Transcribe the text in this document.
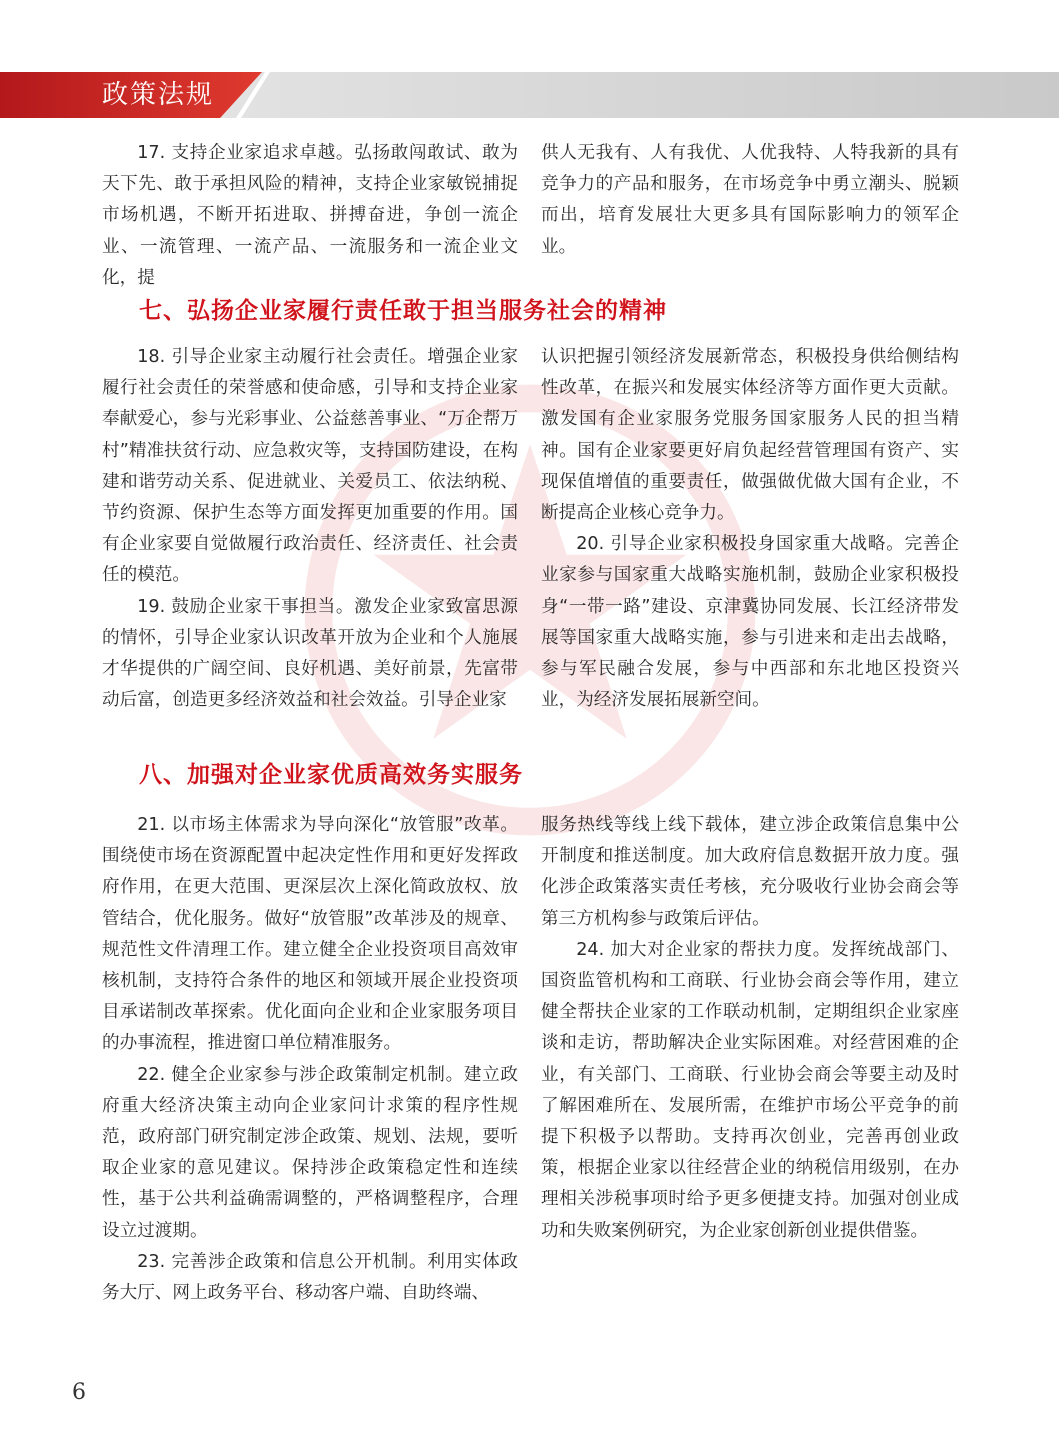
政策法规

17. 支持企业家追求卓越。弘扬敢闯敢试、敢为天下先、敢于承担风险的精神，支持企业家敏锐捕捉市场机遇，不断开拓进取、拼搏奋进，争创一流企业、一流管理、一流产品、一流服务和一流企业文化，提

供人无我有、人有我优、人优我特、人特我新的具有竞争力的产品和服务，在市场竞争中勇立潮头、脱颖而出，培育发展壮大更多具有国际影响力的领军企业。

七、弘扬企业家履行责任敢于担当服务社会的精神

18. 引导企业家主动履行社会责任。增强企业家履行社会责任的荣誉感和使命感，引导和支持企业家奉献爱心，参与光彩事业、公益慈善事业、“万企帮万村”精准扶贫行动、应急救灾等，支持国防建设，在构建和谐劳动关系、促进就业、关爱员工、依法纳税、节约资源、保护生态等方面发挥更加重要的作用。国有企业家要自觉做履行政治责任、经济责任、社会责任的模范。

19. 鼓励企业家干事担当。激发企业家致富思源的情怀，引导企业家认识改革开放为企业和个人施展才华提供的广阔空间、良好机遇、美好前景，先富带动后富，创造更多经济效益和社会效益。引导企业家

认识把握引领经济发展新常态，积极投身供给侧结构性改革，在振兴和发展实体经济等方面作更大贡献。激发国有企业家服务党服务国家服务人民的担当精神。国有企业家要更好肩负起经营管理国有资产、实现保值增值的重要责任，做强做优做大国有企业，不断提高企业核心竞争力。

20. 引导企业家积极投身国家重大战略。完善企业家参与国家重大战略实施机制，鼓励企业家积极投身“一带一路”建设、京津冀协同发展、长江经济带发展等国家重大战略实施，参与引进来和走出去战略，参与军民融合发展，参与中西部和东北地区投资兴业，为经济发展拓展新空间。

八、加强对企业家优质高效务实服务

21. 以市场主体需求为导向深化“放管服”改革。围绕使市场在资源配置中起决定性作用和更好发挥政府作用，在更大范围、更深层次上深化简政放权、放管结合，优化服务。做好“放管服”改革涉及的规章、规范性文件清理工作。建立健全企业投资项目高效审核机制，支持符合条件的地区和领域开展企业投资项目承诺制改革探索。优化面向企业和企业家服务项目的办事流程，推进窗口单位精准服务。

22. 健全企业家参与涉企政策制定机制。建立政府重大经济决策主动向企业家问计求策的程序性规范，政府部门研究制定涉企政策、规划、法规，要听取企业家的意见建议。保持涉企政策稳定性和连续性，基于公共利益确需调整的，严格调整程序，合理设立过渡期。

23. 完善涉企政策和信息公开机制。利用实体政务大厅、网上政务平台、移动客户端、自助终端、

服务热线等线上线下载体，建立涉企政策信息集中公开制度和推送制度。加大政府信息数据开放力度。强化涉企政策落实责任考核，充分吸收行业协会商会等第三方机构参与政策后评估。

24. 加大对企业家的帮扶力度。发挥统战部门、国资监管机构和工商联、行业协会商会等作用，建立健全帮扶企业家的工作联动机制，定期组织企业家座谈和走访，帮助解决企业实际困难。对经营困难的企业，有关部门、工商联、行业协会商会等要主动及时了解困难所在、发展所需，在维护市场公平竞争的前提下积极予以帮助。支持再次创业，完善再创业政策，根据企业家以往经营企业的纳税信用级别，在办理相关涉税事项时给予更多便捷支持。加强对创业成功和失败案例研究，为企业家创新创业提供借鉴。

6
